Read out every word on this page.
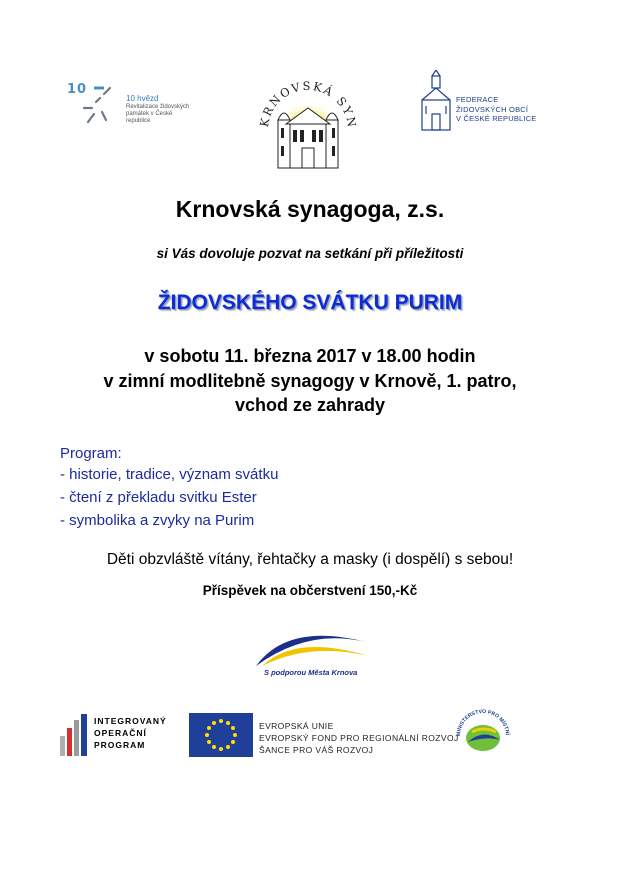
10
10 hvězd
Revitalizace židovských památek v České republice	KRNOVSKÁ SYN
FEDERACE
ŽIDOVSKÝCH OBCÍ
V ČESKÉ REPUBLICE
Krnovská synagoga, z.s.
si Vás dovoluje pozvat na setkání při příležitosti
ŽIDOVSKÉHO SVÁTKU PURIM
v sobotu 11. března 2017 v 18.00 hodin
v zimní modlitebně synagogy v Krnově, 1. patro,
vchod ze zahrady
Program:
- historie, tradice, význam svátku
- čtení z překladu svitku Ester
- symbolika a zvyky na Purim
Děti obzvláště vítány, řehtačky a masky (i dospělí) s sebou!
Příspěvek na občerstvení 150,-Kč
S podporou Města Krnova
INTEGROVANÝ
OPERAČNÍ
PROGRAM
EVROPSKÁ UNIE
EVROPSKÝ FOND PRO REGIONÁLNÍ ROZVOJ
ŠANCE PRO VÁŠ ROZVOJ
MINISTERSTVO PRO MÍSTNÍ
